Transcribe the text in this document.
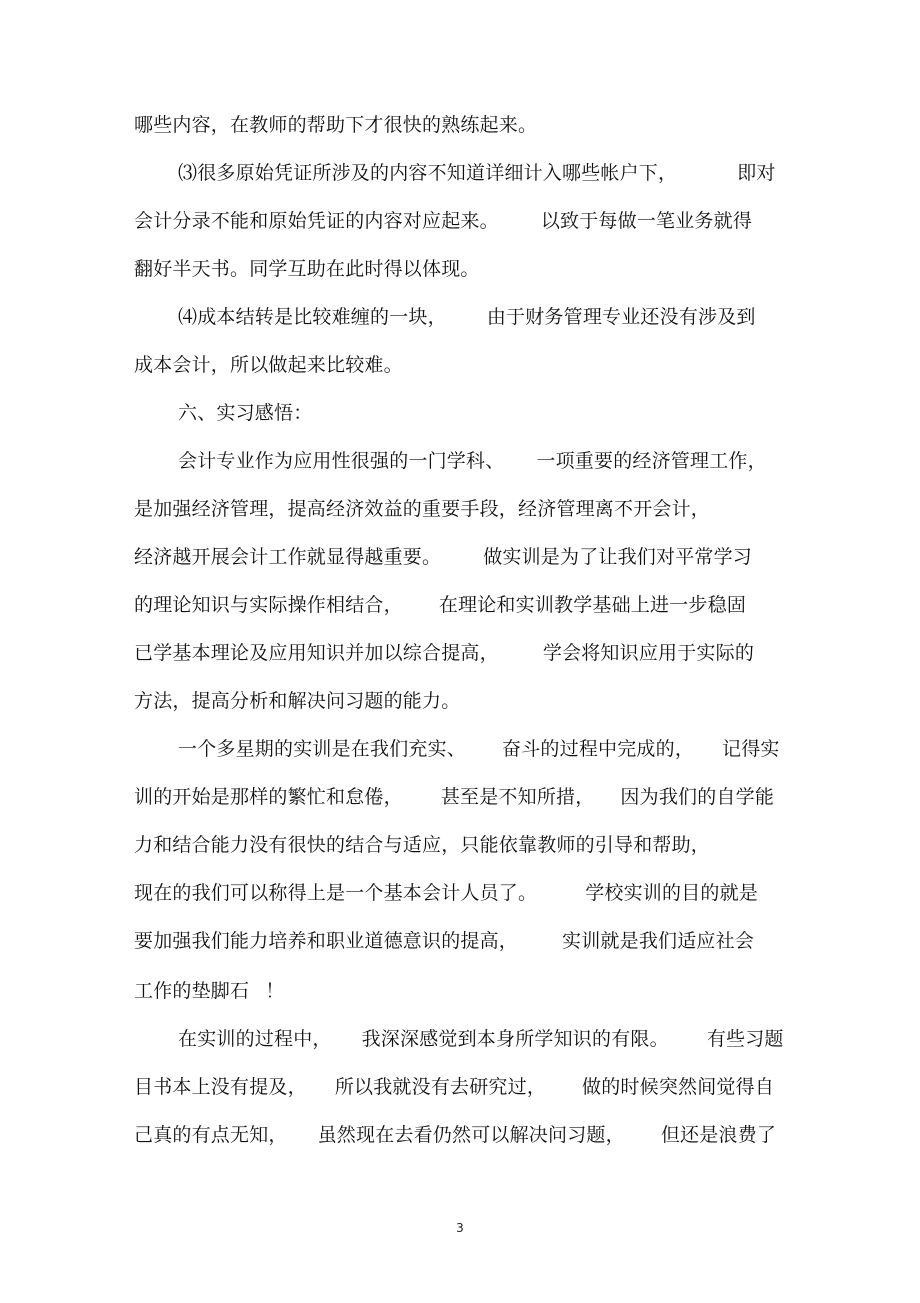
哪些内容，在教师的帮助下才很快的熟练起来。
⑶很多原始凭证所涉及的内容不知道详细计入哪些帐户下，	即对
会计分录不能和原始凭证的内容对应起来。 以致于每做一笔业务就得
翻好半天书。同学互助在此时得以体现。
⑷成本结转是比较难缠的一块， 由于财务管理专业还没有涉及到
成本会计，所以做起来比较难。
六、实习感悟：
会计专业作为应用性很强的一门学科、 一项重要的经济管理工作，
是加强经济管理，提高经济效益的重要手段，经济管理离不开会计，
经济越开展会计工作就显得越重要。 做实训是为了让我们对平常学习
的理论知识与实际操作相结合， 在理论和实训教学基础上进一步稳固
已学基本理论及应用知识并加以综合提高， 学会将知识应用于实际的
方法，提高分析和解决问习题的能力。
一个多星期的实训是在我们充实、 奋斗的过程中完成的， 记得实
训的开始是那样的繁忙和怠倦， 甚至是不知所措， 因为我们的自学能
力和结合能力没有很快的结合与适应，只能依靠教师的引导和帮助，
现在的我们可以称得上是一个基本会计人员了。	学校实训的目的就是
要加强我们能力培养和职业道德意识的提高， 实训就是我们适应社会
工作的垫脚石 ！
在实训的过程中， 我深深感觉到本身所学知识的有限。 有些习题
目书本上没有提及， 所以我就没有去研究过， 做的时候突然间觉得自
己真的有点无知， 虽然现在去看仍然可以解决问习题， 但还是浪费了
3
